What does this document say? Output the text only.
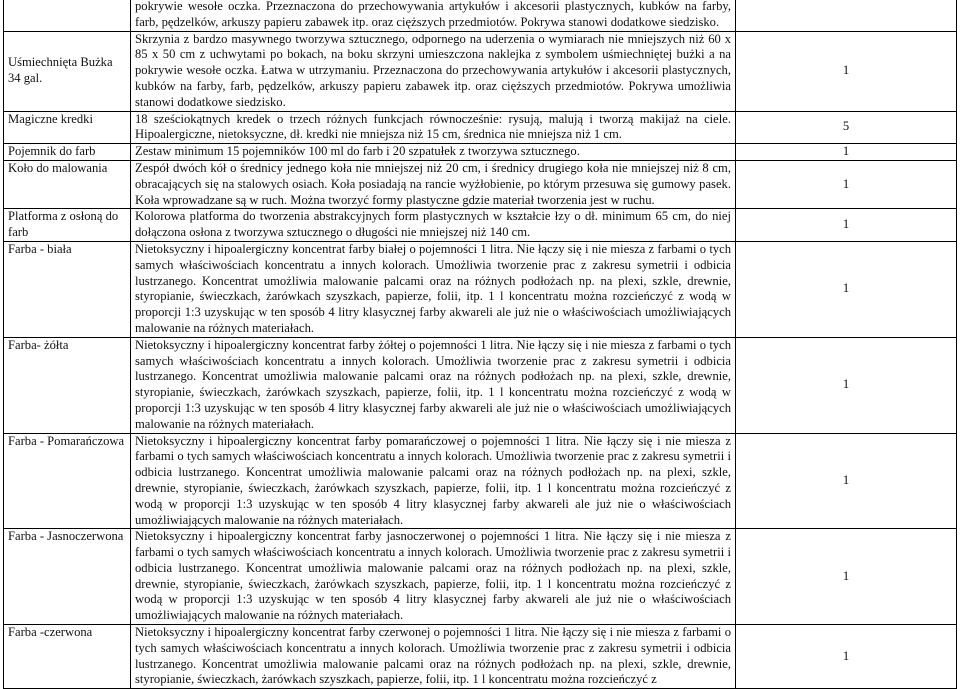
	pokrywie wesołe oczka. Przeznaczona do przechowywania artykułów i akcesorii plastycznych, kubków na farby, farb, pędzelków, arkuszy papieru zabawek itp. oraz cięższych przedmiotów. Pokrywa stanowi dodatkowe siedzisko.	
Uśmiechnięta Bużka 34 gal.	Skrzynia z bardzo masywnego tworzywa sztucznego, odpornego na uderzenia o wymiarach nie mniejszych niż 60 x 85 x 50 cm z uchwytami po bokach, na boku skrzyni umieszczona naklejka z symbolem uśmiechniętej bużki a na pokrywie wesołe oczka. Łatwa w utrzymaniu. Przeznaczona do przechowywania artykułów i akcesorii plastycznych, kubków na farby, farb, pędzelków, arkuszy papieru zabawek itp. oraz cięższych przedmiotów. Pokrywa umożliwia stanowi dodatkowe siedzisko.	1
Magiczne kredki	18 sześciokątnych kredek o trzech różnych funkcjach równocześnie: rysują, malują i tworzą makijaż na ciele. Hipoalergiczne, nietoksyczne, dł. kredki nie mniejsza niż 15 cm, średnica nie mniejsza niż 1 cm.	5
Pojemnik do farb	Zestaw minimum 15 pojemników 100 ml do farb i 20 szpatułek z tworzywa sztucznego.	1
Koło do malowania	Zespół dwóch kół o średnicy jednego koła nie mniejszej niż 20 cm, i średnicy drugiego koła nie mniejszej niż 8 cm, obracających się na stalowych osiach. Koła posiadają na rancie wyżłobienie, po którym przesuwa się gumowy pasek. Koła wprowadzane są w ruch. Można tworzyć formy plastyczne gdzie materiał tworzenia jest w ruchu.	1
Platforma z osłoną do farb	Kolorowa platforma do tworzenia abstrakcyjnych form plastycznych w kształcie łzy o dł. minimum 65 cm, do niej dołączona osłona z tworzywa sztucznego o długości nie mniejszej niż 140 cm.	1
Farba - biała	Nietoksyczny i hipoalergiczny koncentrat farby białej o pojemności 1 litra. Nie łączy się i nie miesza z farbami o tych samych właściwościach koncentratu a innych kolorach. Umożliwia tworzenie prac z zakresu symetrii i odbicia lustrzanego. Koncentrat umożliwia malowanie palcami oraz na różnych podłożach np. na plexi, szkle, drewnie, styropianie, świeczkach, żarówkach szyszkach, papierze, folii, itp. 1 l koncentratu można rozcieńczyć z wodą w proporcji 1:3 uzyskując w ten sposób 4 litry klasycznej farby akwareli ale już nie o właściwościach umożliwiających malowanie na różnych materiałach.	1
Farba- żółta	Nietoksyczny i hipoalergiczny koncentrat farby żółtej o pojemności 1 litra. Nie łączy się i nie miesza z farbami o tych samych właściwościach koncentratu a innych kolorach. Umożliwia tworzenie prac z zakresu symetrii i odbicia lustrzanego. Koncentrat umożliwia malowanie palcami oraz na różnych podłożach np. na plexi, szkle, drewnie, styropianie, świeczkach, żarówkach szyszkach, papierze, folii, itp. 1 l koncentratu można rozcieńczyć z wodą w proporcji 1:3 uzyskując w ten sposób 4 litry klasycznej farby akwareli ale już nie o właściwościach umożliwiających malowanie na różnych materiałach.	1
Farba - Pomarańczowa	Nietoksyczny i hipoalergiczny koncentrat farby pomarańczowej o pojemności 1 litra. Nie łączy się i nie miesza z farbami o tych samych właściwościach koncentratu a innych kolorach. Umożliwia tworzenie prac z zakresu symetrii i odbicia lustrzanego. Koncentrat umożliwia malowanie palcami oraz na różnych podłożach np. na plexi, szkle, drewnie, styropianie, świeczkach, żarówkach szyszkach, papierze, folii, itp. 1 l koncentratu można rozcieńczyć z wodą w proporcji 1:3 uzyskując w ten sposób 4 litry klasycznej farby akwareli ale już nie o właściwościach umożliwiających malowanie na różnych materiałach.	1
Farba - Jasnoczerwona	Nietoksyczny i hipoalergiczny koncentrat farby jasnoczerwonej o pojemności 1 litra. Nie łączy się i nie miesza z farbami o tych samych właściwościach koncentratu a innych kolorach. Umożliwia tworzenie prac z zakresu symetrii i odbicia lustrzanego. Koncentrat umożliwia malowanie palcami oraz na różnych podłożach np. na plexi, szkle, drewnie, styropianie, świeczkach, żarówkach szyszkach, papierze, folii, itp. 1 l koncentratu można rozcieńczyć z wodą w proporcji 1:3 uzyskując w ten sposób 4 litry klasycznej farby akwareli ale już nie o właściwościach umożliwiających malowanie na różnych materiałach.	1
Farba -czerwona	Nietoksyczny i hipoalergiczny koncentrat farby czerwonej o pojemności 1 litra. Nie łączy się i nie miesza z farbami o tych samych właściwościach koncentratu a innych kolorach. Umożliwia tworzenie prac z zakresu symetrii i odbicia lustrzanego. Koncentrat umożliwia malowanie palcami oraz na różnych podłożach np. na plexi, szkle, drewnie, styropianie, świeczkach, żarówkach szyszkach, papierze, folii, itp. 1 l koncentratu można rozcieńczyć z	1
